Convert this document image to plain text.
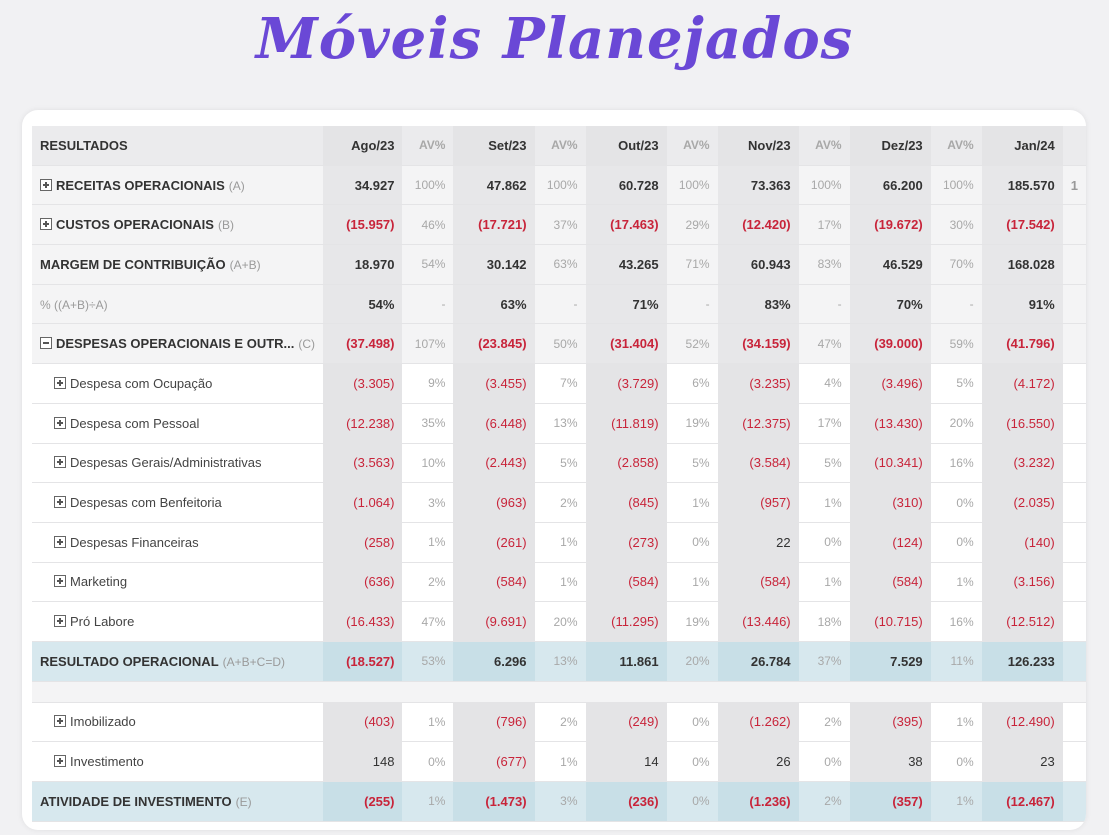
Móveis Planejados
RESULTADOS	Ago/23	AV%	Set/23	AV%	Out/23	AV%	Nov/23	AV%	Dez/23	AV%	Jan/24	
RECEITAS OPERACIONAIS (A)	34.927	100%	47.862	100%	60.728	100%	73.363	100%	66.200	100%	185.570	1
CUSTOS OPERACIONAIS (B)	(15.957)	46%	(17.721)	37%	(17.463)	29%	(12.420)	17%	(19.672)	30%	(17.542)	
MARGEM DE CONTRIBUIÇÃO (A+B)	18.970	54%	30.142	63%	43.265	71%	60.943	83%	46.529	70%	168.028	
% ((A+B)÷A)	54%	-	63%	-	71%	-	83%	-	70%	-	91%	
DESPESAS OPERACIONAIS E OUTR... (C)	(37.498)	107%	(23.845)	50%	(31.404)	52%	(34.159)	47%	(39.000)	59%	(41.796)	
Despesa com Ocupação	(3.305)	9%	(3.455)	7%	(3.729)	6%	(3.235)	4%	(3.496)	5%	(4.172)	
Despesa com Pessoal	(12.238)	35%	(6.448)	13%	(11.819)	19%	(12.375)	17%	(13.430)	20%	(16.550)	
Despesas Gerais/Administrativas	(3.563)	10%	(2.443)	5%	(2.858)	5%	(3.584)	5%	(10.341)	16%	(3.232)	
Despesas com Benfeitoria	(1.064)	3%	(963)	2%	(845)	1%	(957)	1%	(310)	0%	(2.035)	
Despesas Financeiras	(258)	1%	(261)	1%	(273)	0%	22	0%	(124)	0%	(140)	
Marketing	(636)	2%	(584)	1%	(584)	1%	(584)	1%	(584)	1%	(3.156)	
Pró Labore	(16.433)	47%	(9.691)	20%	(11.295)	19%	(13.446)	18%	(10.715)	16%	(12.512)	
RESULTADO OPERACIONAL (A+B+C=D)	(18.527)	53%	6.296	13%	11.861	20%	26.784	37%	7.529	11%	126.233	

Imobilizado	(403)	1%	(796)	2%	(249)	0%	(1.262)	2%	(395)	1%	(12.490)	
Investimento	148	0%	(677)	1%	14	0%	26	0%	38	0%	23	
ATIVIDADE DE INVESTIMENTO (E)	(255)	1%	(1.473)	3%	(236)	0%	(1.236)	2%	(357)	1%	(12.467)	
